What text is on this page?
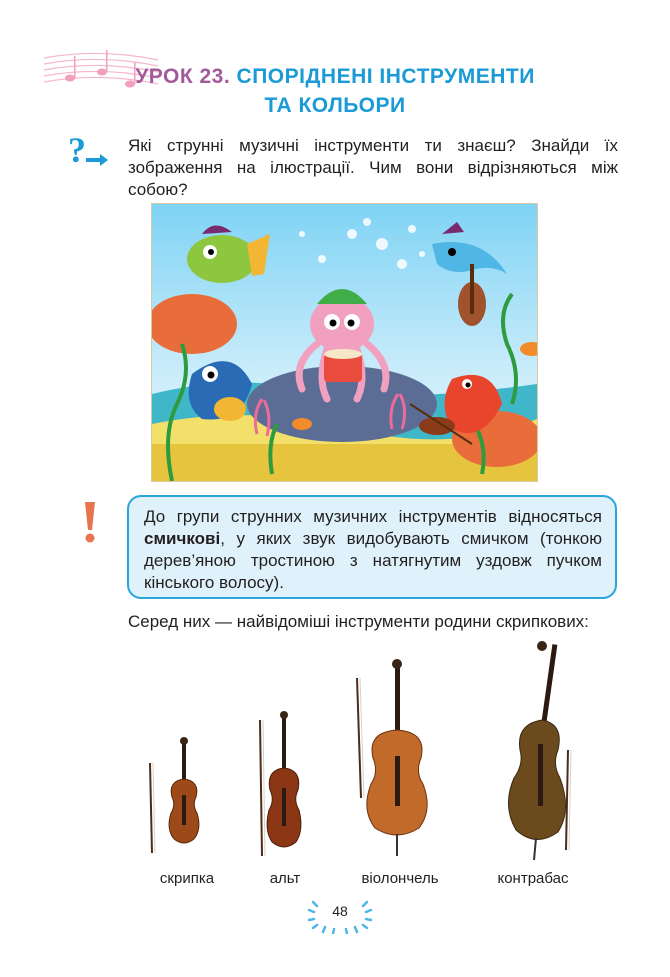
УРОК 23. СПОРІДНЕНІ ІНСТРУМЕНТИ
ТА КОЛЬОРИ
? Які струнні музичні інструменти ти знаєш? Знайди їх зображення на ілюстрації. Чим вони відрізняються між собою?
До групи струнних музичних інструментів відносяться смичкові, у яких звук видобувають смичком (тонкою дерев’яною тростиною з натягнутим уздовж пучком кінського волосу).
Серед них — найвідоміші інструменти родини скрипкових:
скрипка	альт	віолончель	контрабас
48
